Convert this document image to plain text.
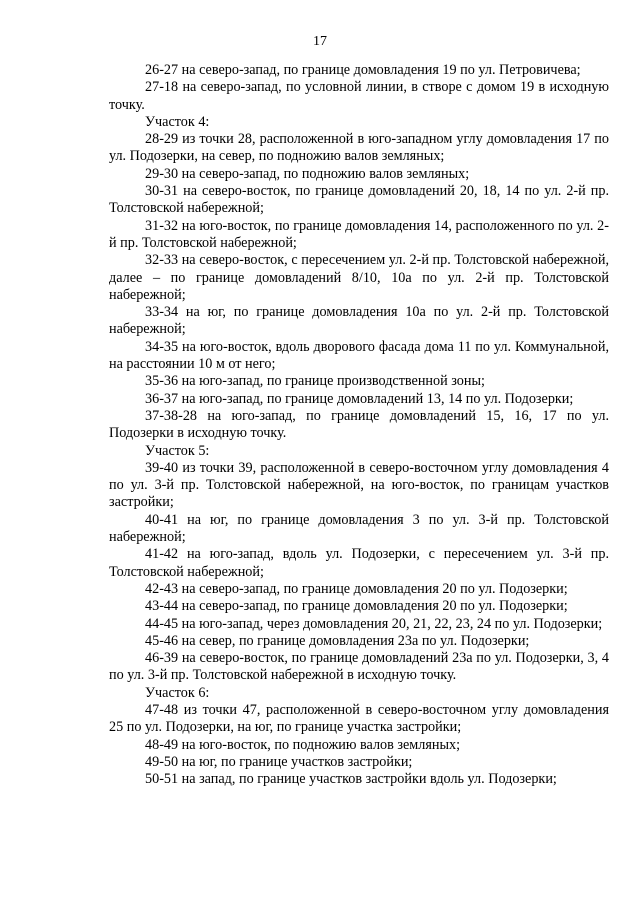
17

26-27 на северо-запад, по границе домовладения 19 по ул. Петровичева;

27-18 на северо-запад, по условной линии, в створе с домом 19 в исходную точку.

Участок 4:

28-29 из точки 28, расположенной в юго-западном углу домовладения 17 по ул. Подозерки, на север, по подножию валов земляных;

29-30 на северо-запад, по подножию валов земляных;

30-31 на северо-восток, по границе домовладений 20, 18, 14 по ул. 2-й пр. Толстовской набережной;

31-32 на юго-восток, по границе домовладения 14, расположенного по ул. 2-й пр. Толстовской набережной;

32-33 на северо-восток, с пересечением ул. 2-й пр. Толстовской набережной, далее – по границе домовладений 8/10, 10а по ул. 2-й пр. Толстовской набережной;

33-34 на юг, по границе домовладения 10а по ул. 2-й пр. Толстовской набережной;

34-35 на юго-восток, вдоль дворового фасада дома 11 по ул. Коммунальной, на расстоянии 10 м от него;

35-36 на юго-запад, по границе производственной зоны;

36-37 на юго-запад, по границе домовладений 13, 14 по ул. Подозерки;

37-38-28 на юго-запад, по границе домовладений 15, 16, 17 по ул. Подозерки в исходную точку.

Участок 5:

39-40 из точки 39, расположенной в северо-восточном углу домовладения 4 по ул. 3-й пр. Толстовской набережной, на юго-восток, по границам участков застройки;

40-41 на юг, по границе домовладения 3 по ул. 3-й пр. Толстовской набережной;

41-42 на юго-запад, вдоль ул. Подозерки, с пересечением ул. 3-й пр. Толстовской набережной;

42-43 на северо-запад, по границе домовладения 20 по ул. Подозерки;

43-44 на северо-запад, по границе домовладения 20 по ул. Подозерки;

44-45 на юго-запад, через домовладения 20, 21, 22, 23, 24 по ул. Подозерки;

45-46 на север, по границе домовладения 23а по ул. Подозерки;

46-39 на северо-восток, по границе домовладений 23а по ул. Подозерки, 3, 4 по ул. 3-й пр. Толстовской набережной в исходную точку.

Участок 6:

47-48 из точки 47, расположенной в северо-восточном углу домовладения 25 по ул. Подозерки, на юг, по границе участка застройки;

48-49 на юго-восток, по подножию валов земляных;

49-50 на юг, по границе участков застройки;

50-51 на запад, по границе участков застройки вдоль ул. Подозерки;
